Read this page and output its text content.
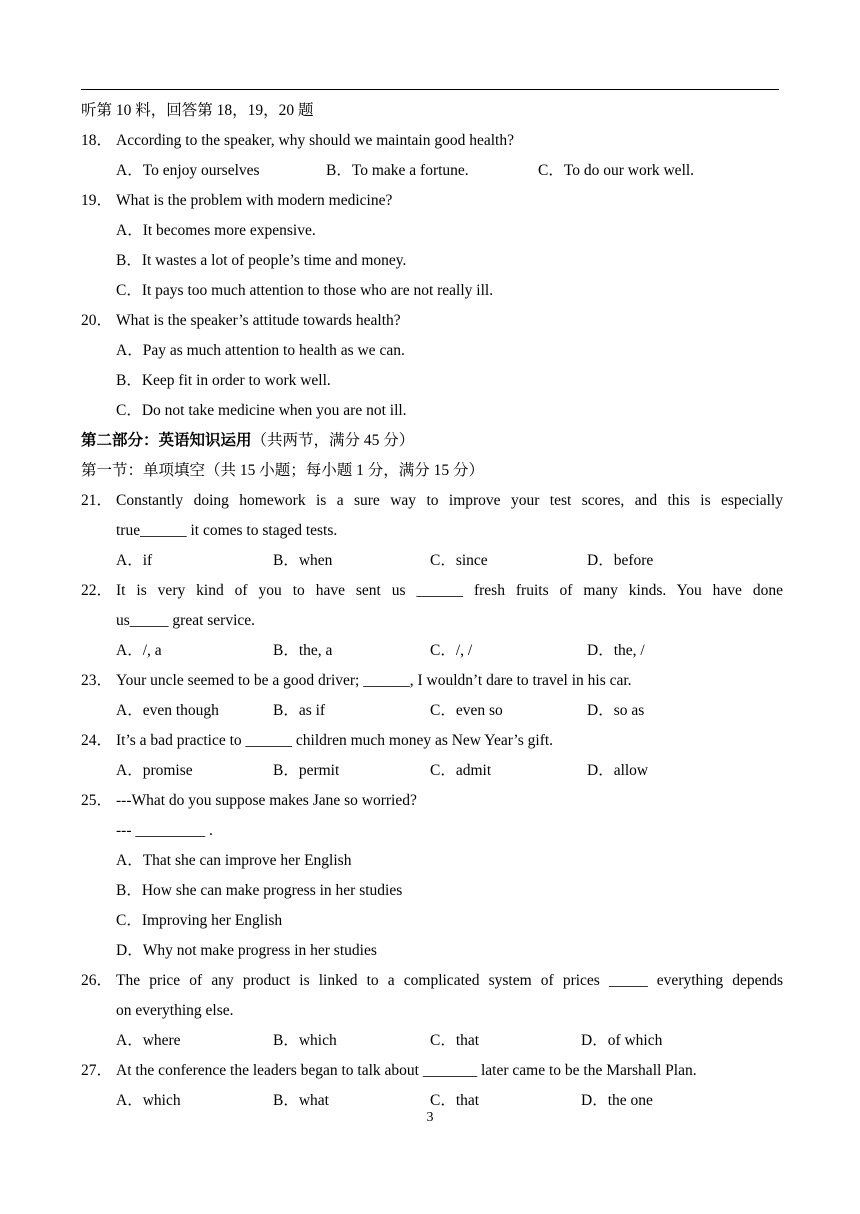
听第 10 料，回答第 18，19，20 题
18． According to the speaker, why should we maintain good health?
A．To enjoy ourselves	B．To make a fortune.	C．To do our work well.
19． What is the problem with modern medicine?
A．It becomes more expensive.
B．It wastes a lot of people’s time and money.
C．It pays too much attention to those who are not really ill.
20． What is the speaker’s attitude towards health?
A．Pay as much attention to health as we can.
B．Keep fit in order to work well.
C．Do not take medicine when you are not ill.
第二部分：英语知识运用（共两节，满分 45 分）
第一节：单项填空（共 15 小题；每小题 1 分，满分 15 分）
21． Constantly doing homework is a sure way to improve your test scores, and this is especially
true______ it comes to staged tests.
A．if	B．when	C．since	D．before
22． It is very kind of you to have sent us ______ fresh fruits of many kinds. You have done
us_____ great service.
A．/, a	B．the, a	C．/, /	D．the, /
23． Your uncle seemed to be a good driver; ______, I wouldn’t dare to travel in his car.
A．even though	B．as if	C．even so	D．so as
24． It’s a bad practice to ______ children much money as New Year’s gift.
A．promise	B．permit	C．admit	D．allow
25． ---What do you suppose makes Jane so worried?
--- _________ .
A．That she can improve her English
B．How she can make progress in her studies
C．Improving her English
D．Why not make progress in her studies
26． The price of any product is linked to a complicated system of prices _____ everything depends
on everything else.
A．where	B．which	C．that	D．of which
27． At the conference the leaders began to talk about _______ later came to be the Marshall Plan.
A．which	B．what	C．that	D．the one
3
